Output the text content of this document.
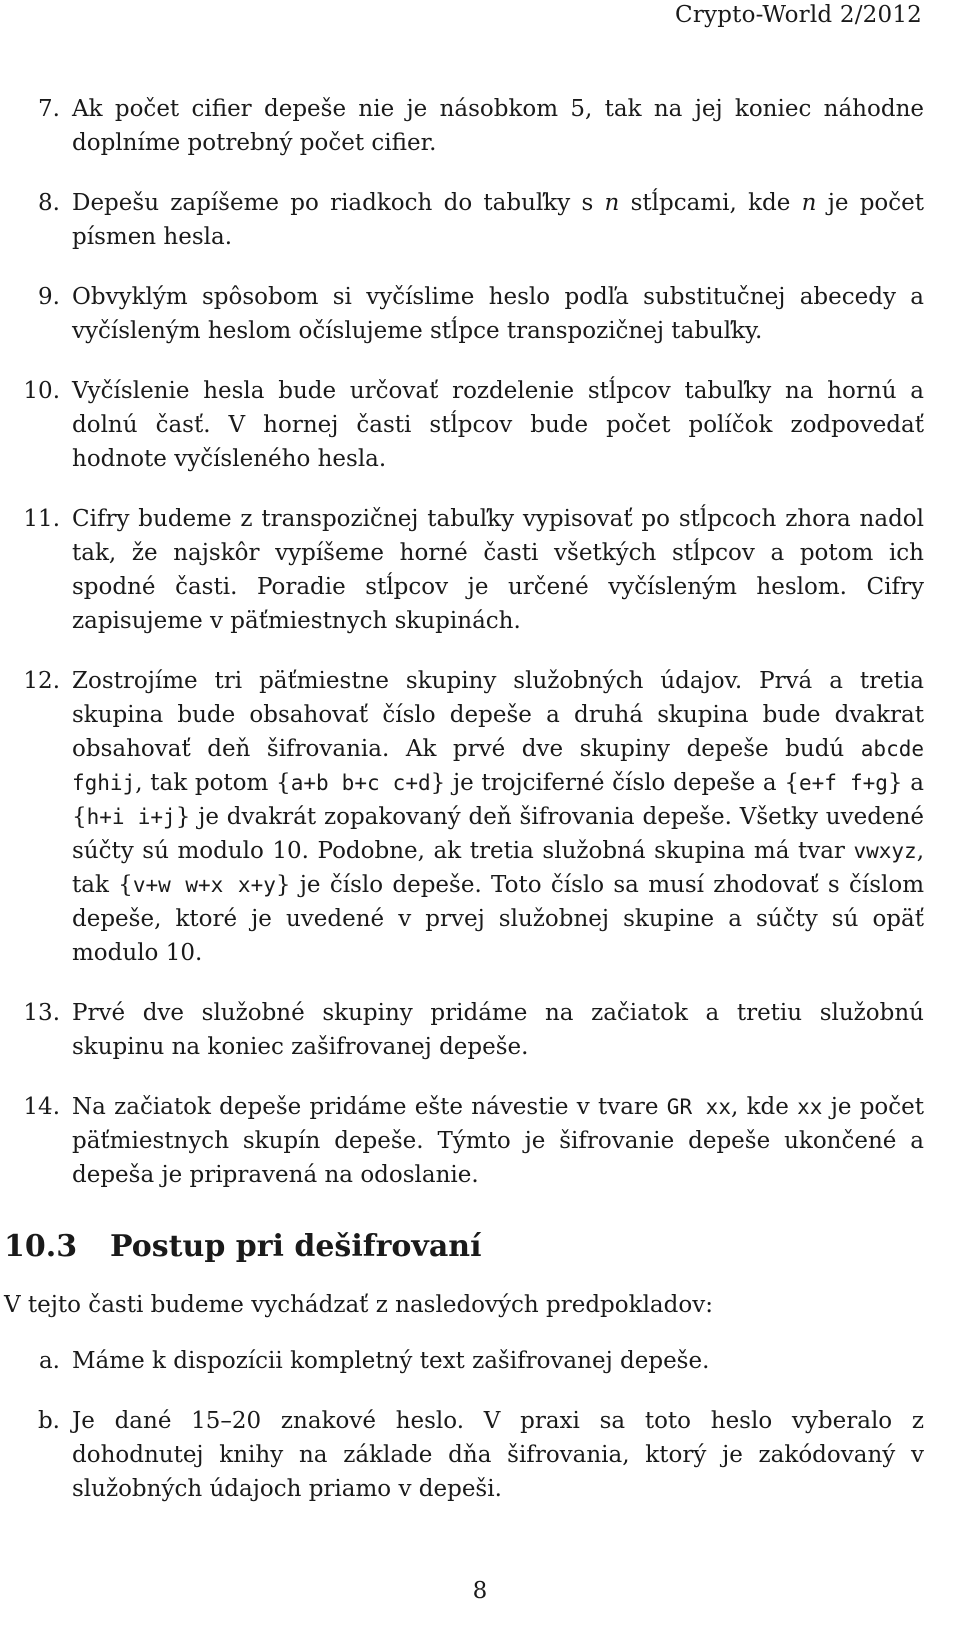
Crypto-World 2/2012
7. Ak počet cifier depeše nie je násobkom 5, tak na jej koniec náhodne doplníme potrebný počet cifier.
8. Depešu zapíšeme po riadkoch do tabuľky s n stĺpcami, kde n je počet písmen hesla.
9. Obvyklým spôsobom si vyčíslime heslo podľa substitučnej abecedy a vyčísleným heslom očíslujeme stĺpce transpozičnej tabuľky.
10. Vyčíslenie hesla bude určovať rozdelenie stĺpcov tabuľky na hornú a dolnú časť. V hornej časti stĺpcov bude počet políčok zodpovedať hodnote vyčísleného hesla.
11. Cifry budeme z transpozičnej tabuľky vypisovať po stĺpcoch zhora nadol tak, že najskôr vypíšeme horné časti všetkých stĺpcov a potom ich spodné časti. Poradie stĺpcov je určené vyčísleným heslom. Cifry zapisujeme v päťmiestnych skupinách.
12. Zostrojíme tri päťmiestne skupiny služobných údajov. Prvá a tretia skupina bude obsahovať číslo depeše a druhá skupina bude dvakrat obsahovať deň šifrovania. Ak prvé dve skupiny depeše budú abcde fghij, tak potom {a+b b+c c+d} je trojciferné číslo depeše a {e+f f+g} a {h+i i+j} je dvakrát zopakovaný deň šifrovania depeše. Všetky uvedené súčty sú modulo 10. Podobne, ak tretia služobná skupina má tvar vwxyz, tak {v+w w+x x+y} je číslo depeše. Toto číslo sa musí zhodovať s číslom depeše, ktoré je uvedené v prvej služobnej skupine a súčty sú opäť modulo 10.
13. Prvé dve služobné skupiny pridáme na začiatok a tretiu služobnú skupinu na koniec zašifrovanej depeše.
14. Na začiatok depeše pridáme ešte návestie v tvare GR xx, kde xx je počet päťmiestnych skupín depeše. Týmto je šifrovanie depeše ukončené a depeša je pripravená na odoslanie.
10.3 Postup pri dešifrovaní

V tejto časti budeme vychádzať z nasledových predpokladov:

a. Máme k dispozícii kompletný text zašifrovanej depeše.
b. Je dané 15–20 znakové heslo. V praxi sa toto heslo vyberalo z dohodnutej knihy na základe dňa šifrovania, ktorý je zakódovaný v služobných údajoch priamo v depeši.
8
